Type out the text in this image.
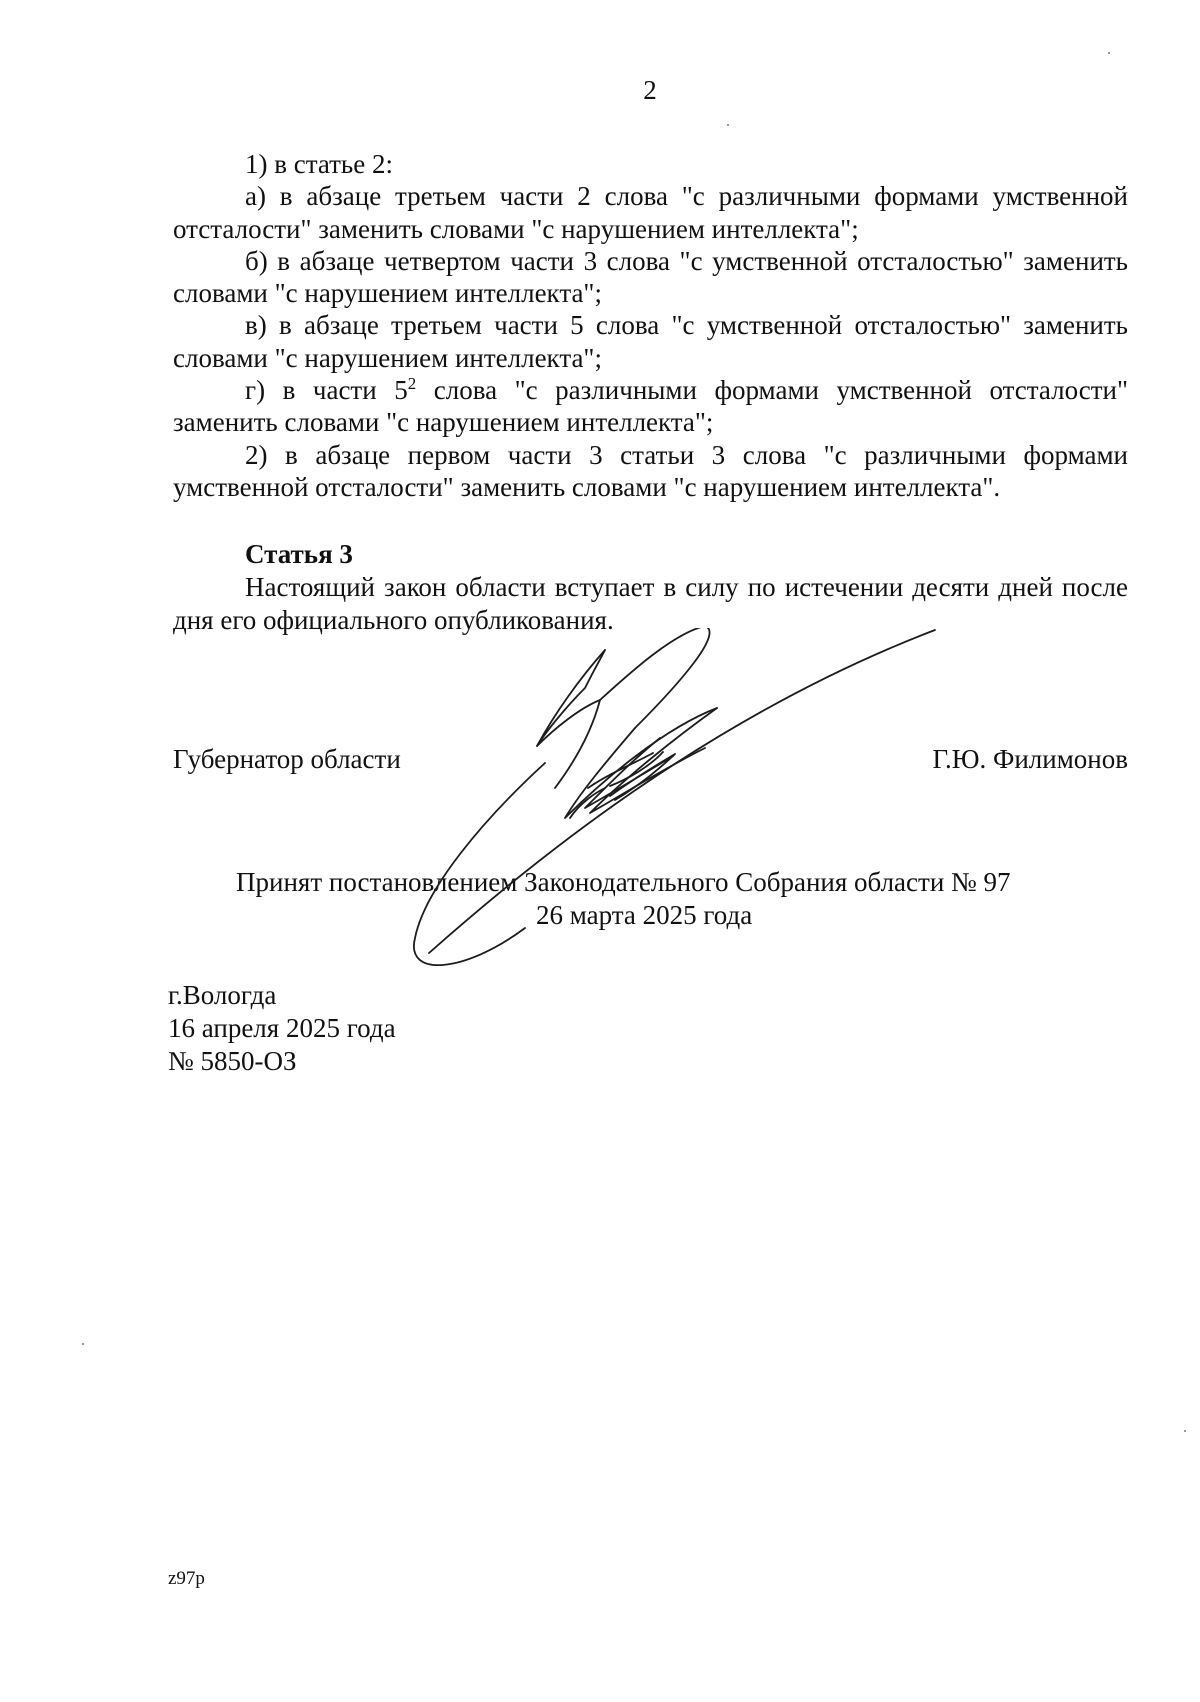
2

1) в статье 2:

а) в абзаце третьем части 2 слова "с различными формами умственной отсталости" заменить словами "с нарушением интеллекта";

б) в абзаце четвертом части 3 слова "с умственной отсталостью" заменить словами "с нарушением интеллекта";

в) в абзаце третьем части 5 слова "с умственной отсталостью" заменить словами "с нарушением интеллекта";

г) в части $5^2$ слова "с различными формами умственной отсталости" заменить словами "с нарушением интеллекта";

2) в абзаце первом части 3 статьи 3 слова "с различными формами умственной отсталости" заменить словами "с нарушением интеллекта".

Статья 3

Настоящий закон области вступает в силу по истечении десяти дней после дня его официального опубликования.

Губернатор области	Г.Ю. Филимонов
Принят постановлением Законодательного Собрания области № 97
26 марта 2025 года
г.Вологда
16 апреля 2025 года
№ 5850-ОЗ
z97p
